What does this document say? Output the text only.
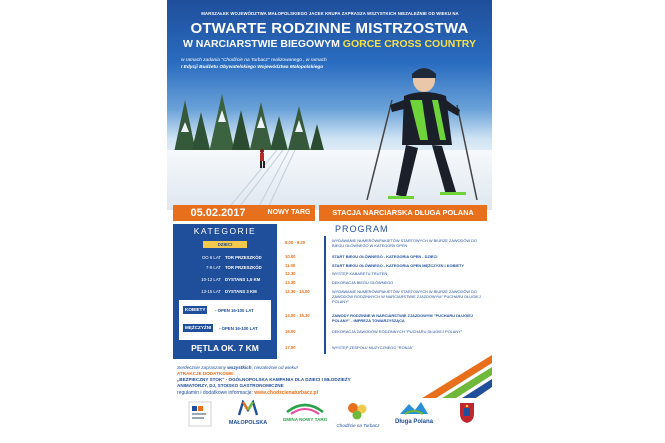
MARSZAŁEK WOJEWÓDZTWA MAŁOPOLSKIEGO JACEK KRUPA ZAPRASZA WSZYSTKICH NIEZALEŻNIE OD WIEKU NA
OTWARTE RODZINNE MISTRZOSTWA
W NARCIARSTWIE BIEGOWYM GORCE CROSS COUNTRY
w ramach zadania "Chodźcie na Turbacz" realizowanego , w ramach
I Edycji Budżetu Obywatelskiego Województwa Małopolskiego
05.02.2017	NOWY TARG	STACJA NARCIARSKA DŁUGA POLANA
KATEGORIE
DZIECI
DO 6 LAT TOR PRZESZKÓD
7-9 LAT TOR PRZESZKÓD
10-12 LAT DYSTANS 1,5 KM
13-15 LAT DYSTANS 3 KM
KOBIETY	- OPEN 16-100 LAT
MĘŻCZYŹNI	- OPEN 16-100 LAT
PĘTLA OK. 7 KM
PROGRAM
8.00 - 9.30	WYDAWANIE NUMERÓW/PAKIETÓW STARTOWYCH W BIURZE ZAWODÓW DO BIEGU GŁÓWNEGO W KATEGORII OPEN
10.00	START BIEGU GŁÓWNEGO - KATEGORIA OPEN - DZIECI
11.00	START BIEGU GŁÓWNEGO - KATEGORIA OPEN MĘŻCZYZN I KOBIETY
12.30	WYSTĘP KABARETU TRUTEŃ
13.30	DEKORACJA BIEGU GŁÓWNEGO
12.30 - 14.00	WYDAWANIE NUMERÓW/PAKIETÓW STARTOWYCH W BIURZE ZAWODÓW DO ZAWODÓW RODZINNYCH W NARCIARSTWIE ZJAZDOWYM "PUCHARU DŁUGIEJ POLANY"
14.00 - 15.30	ZAWODY RODZINNE W NARCIARSTWIE ZJAZDOWYM "PUCHARU DŁUGIEJ POLANY" - IMPREZA TOWARZYSZĄCA
16.00	DEKORACJA ZAWODÓW RODZINNYCH "PUCHARU DŁUGIEJ POLANY"
17.00	WYSTĘP ZESPOŁU MUZYCZNEGO "RONJA"
Serdecznie zapraszamy wszystkich, niezależnie od wieku!
ATRAKCJE DODATKOWE:
„BEZPIECZNY STOK" - OGÓLNOPOLSKA KAMPANIA DLA DZIECI I MŁODZIEŻY
ANIMATORZY, DJ, STOISKO GASTRONOMICZNE
regulamin i dodatkowe informacje: www.chodzcienaturbacz.pl
MAŁOPOLSKA
GMINA NOWY TARG
Chodźcie na Turbacz
Długa Polana
